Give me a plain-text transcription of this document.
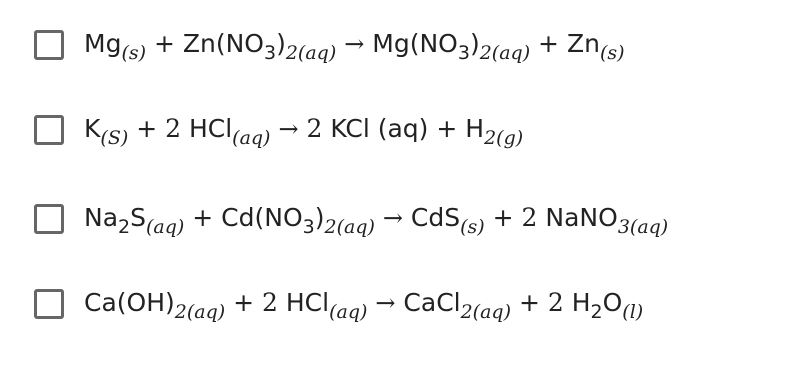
Mg (s) + Zn(NO 3 ) 2(aq)
→ Mg(NO 3 ) 2(aq) + Zn (s)
K (S) + 2 HCl (aq)
→
2 KCl (aq) + H 2(g)
Na 2 S (aq) + Cd(NO 3 ) 2(aq)
→ CdS (s) + 2 NaNO 3(aq)
Ca(OH) 2(aq) + 2 HCl (aq)
→ CaCl 2(aq) + 2 H 2 O (l)
